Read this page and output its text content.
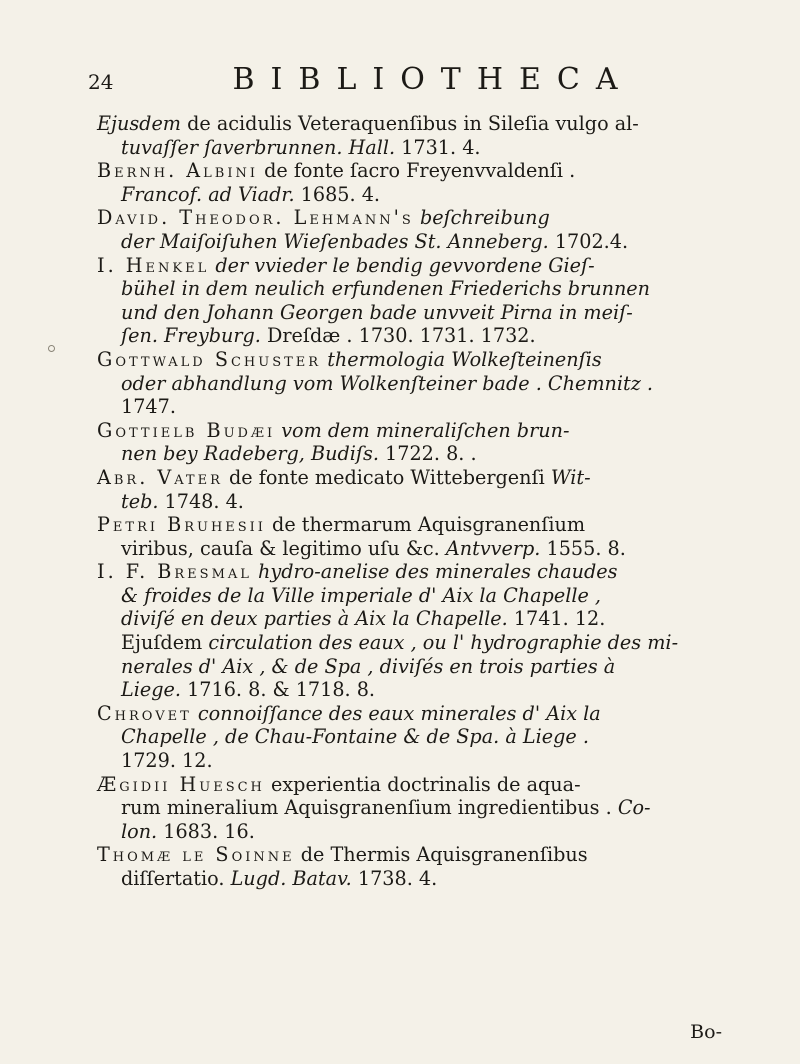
24	BIBLIOTHECA
Ejusdem de acidulis Veteraquenſibus in Sileſia vulgo al-
tuvaſſer ſaverbrunnen. Hall. 1731. 4.
Bernh. Albini de fonte ſacro Freyenvvaldenſi .
Francof. ad Viadr. 1685. 4.
David. Theodor. Lehmann's beſchreibung
der Maiſoiſuhen Wieſenbades St. Anneberg. 1702.4.
I. Henkel der vvieder le bendig gevvordene Gieſ-
bühel in dem neulich erfundenen Friederichs brunnen
und den Johann Georgen bade unvveit Pirna in meiſ-
ſen. Freyburg. Dreſdæ . 1730. 1731. 1732.
Gottwald Schuster thermologia Wolkeſteinenſis
oder abhandlung vom Wolkenſteiner bade . Chemnitz .
1747.
Gottielb Budæi vom dem mineraliſchen brun-
nen bey Radeberg, Budiſs. 1722. 8. .
Abr. Vater de fonte medicato Wittebergenſi Wit-
teb. 1748. 4.
Petri Bruhesii de thermarum Aquisgranenſium
viribus, cauſa & legitimo uſu &c. Antvverp. 1555. 8.
I. F. Bresmal hydro-anelise des minerales chaudes
& froides de la Ville imperiale d' Aix la Chapelle ,
diviſé en deux parties à Aix la Chapelle. 1741. 12.
Ejuſdem circulation des eaux , ou l' hydrographie des mi-
nerales d' Aix , & de Spa , diviſés en trois parties à
Liege. 1716. 8. & 1718. 8.
Chrovet connoiſſance des eaux minerales d' Aix la
Chapelle , de Chau-Fontaine & de Spa. à Liege .
1729. 12.
Ægidii Huesch experientia doctrinalis de aqua-
rum mineralium Aquisgranenſium ingredientibus . Co-
lon. 1683. 16.
Thomæ le Soinne de Thermis Aquisgranenſibus
diſſertatio. Lugd. Batav. 1738. 4.
Bo-
